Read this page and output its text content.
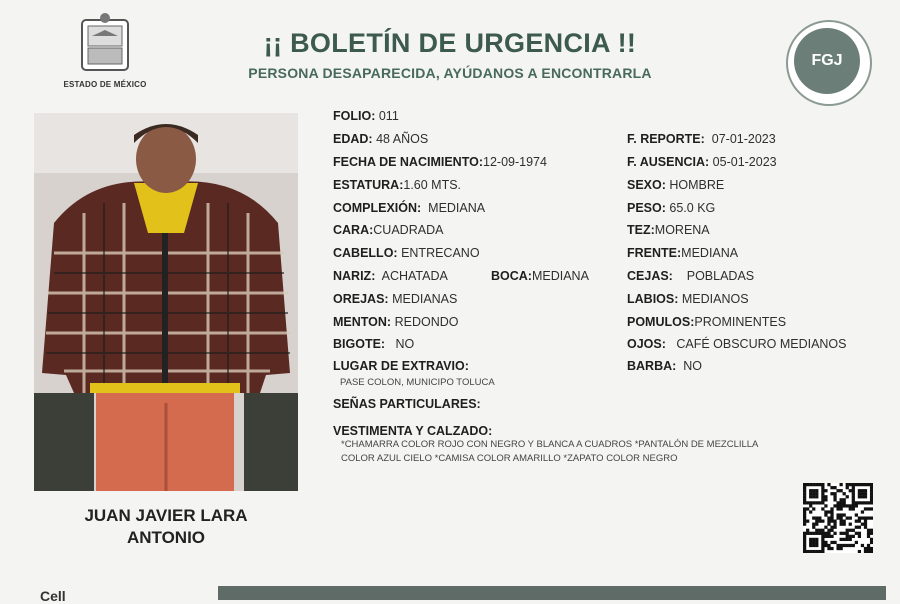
ESTADO DE MÉXICO
¡¡ BOLETÍN DE URGENCIA !!
PERSONA DESAPARECIDA, AYÚDANOS A ENCONTRARLA
FGJ
JUAN JAVIER LARA
ANTONIO
FOLIO: 011
EDAD: 48 AÑOS
FECHA DE NACIMIENTO:12-09-1974
ESTATURA:1.60 MTS.
COMPLEXIÓN: MEDIANA
CARA:CUADRADA
CABELLO: ENTRECANO
NARIZ: ACHATADA	BOCA:MEDIANA
OREJAS: MEDIANAS
MENTON: REDONDO
BIGOTE: NO
LUGAR DE EXTRAVIO:
PASE COLON, MUNICIPO TOLUCA
SEÑAS PARTICULARES:
VESTIMENTA Y CALZADO:
*CHAMARRA COLOR ROJO CON NEGRO Y BLANCA A CUADROS *PANTALÓN DE MEZCLILLA
COLOR AZUL CIELO *CAMISA COLOR AMARILLO *ZAPATO COLOR NEGRO
F. REPORTE: 07-01-2023
F. AUSENCIA: 05-01-2023
SEXO: HOMBRE
PESO: 65.0 KG
TEZ:MORENA
FRENTE:MEDIANA
CEJAS: POBLADAS
LABIOS: MEDIANOS
POMULOS:PROMINENTES
OJOS: CAFÉ OBSCURO MEDIANOS
BARBA: NO
Cell
